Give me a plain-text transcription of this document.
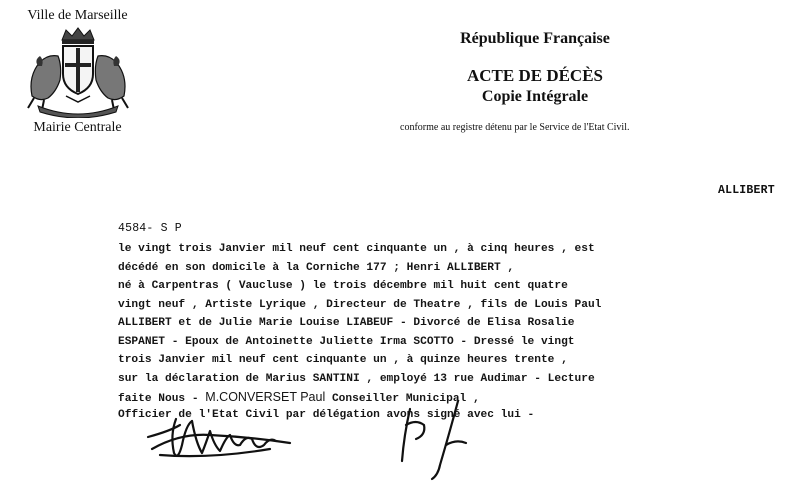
Ville de Marseille
Mairie Centrale
République Française
ACTE DE DÉCÈS
Copie Intégrale
conforme au registre détenu par le Service de l'Etat Civil.
ALLIBERT
4584- S P
le vingt trois Janvier mil neuf cent cinquante un , à cinq heures , est
décédé en son domicile à la Corniche 177 ; Henri ALLIBERT ,
né à Carpentras ( Vaucluse ) le trois décembre mil huit cent quatre
vingt neuf , Artiste Lyrique , Directeur de Theatre , fils de Louis Paul
ALLIBERT et de Julie Marie Louise LIABEUF - Divorcé de Elisa Rosalie
ESPANET - Epoux de Antoinette Juliette Irma SCOTTO - Dressé le vingt
trois Janvier mil neuf cent cinquante un , à quinze heures trente ,
sur la déclaration de Marius SANTINI , employé 13 rue Audimar - Lecture
faite Nous - M.CONVERSET Paul Conseiller Municipal ,
Officier de l'Etat Civil par délégation avons signé avec lui -
